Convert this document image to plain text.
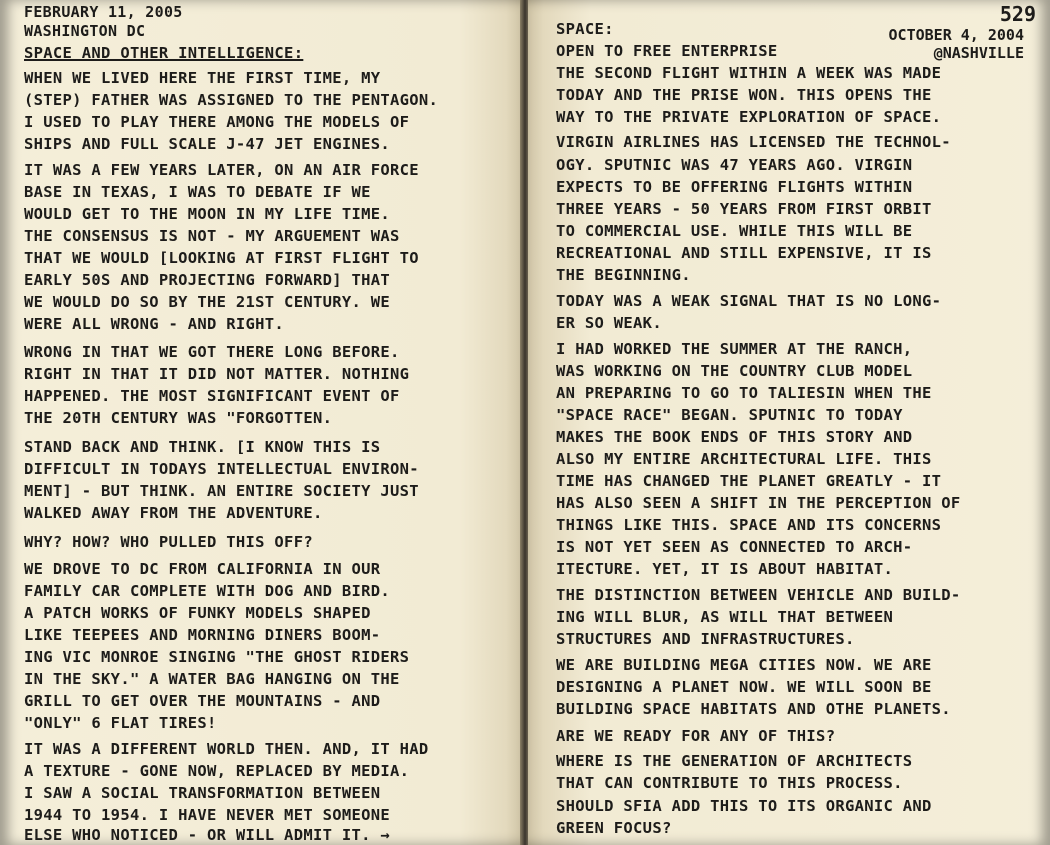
FEBRUARY 11, 2005
WASHINGTON DC
SPACE AND OTHER INTELLIGENCE:
WHEN WE LIVED HERE THE FIRST TIME, MY
(STEP) FATHER WAS ASSIGNED TO THE PENTAGON.
I USED TO PLAY THERE AMONG THE MODELS OF
SHIPS AND FULL SCALE J-47 JET ENGINES.
IT WAS A FEW YEARS LATER, ON AN AIR FORCE
BASE IN TEXAS, I WAS TO DEBATE IF WE
WOULD GET TO THE MOON IN MY LIFE TIME.
THE CONSENSUS IS NOT - MY ARGUEMENT WAS
THAT WE WOULD [LOOKING AT FIRST FLIGHT TO
EARLY 50S AND PROJECTING FORWARD] THAT
WE WOULD DO SO BY THE 21ST CENTURY. WE
WERE ALL WRONG - AND RIGHT.
WRONG IN THAT WE GOT THERE LONG BEFORE.
RIGHT IN THAT IT DID NOT MATTER. NOTHING
HAPPENED. THE MOST SIGNIFICANT EVENT OF
THE 20TH CENTURY WAS "FORGOTTEN.
STAND BACK AND THINK. [I KNOW THIS IS
DIFFICULT IN TODAYS INTELLECTUAL ENVIRON-
MENT] - BUT THINK. AN ENTIRE SOCIETY JUST
WALKED AWAY FROM THE ADVENTURE.
WHY? HOW? WHO PULLED THIS OFF?
WE DROVE TO DC FROM CALIFORNIA IN OUR
FAMILY CAR COMPLETE WITH DOG AND BIRD.
A PATCH WORKS OF FUNKY MODELS SHAPED
LIKE TEEPEES AND MORNING DINERS BOOM-
ING VIC MONROE SINGING "THE GHOST RIDERS
IN THE SKY." A WATER BAG HANGING ON THE
GRILL TO GET OVER THE MOUNTAINS - AND
"ONLY" 6 FLAT TIRES!
IT WAS A DIFFERENT WORLD THEN. AND, IT HAD
A TEXTURE - GONE NOW, REPLACED BY MEDIA.
I SAW A SOCIAL TRANSFORMATION BETWEEN
1944 TO 1954. I HAVE NEVER MET SOMEONE
ELSE WHO NOTICED - OR WILL ADMIT IT. →
529
OCTOBER 4, 2004
@NASHVILLE
SPACE:
OPEN TO FREE ENTERPRISE
THE SECOND FLIGHT WITHIN A WEEK WAS MADE
TODAY AND THE PRISE WON. THIS OPENS THE
WAY TO THE PRIVATE EXPLORATION OF SPACE.
VIRGIN AIRLINES HAS LICENSED THE TECHNOL-
OGY. SPUTNIC WAS 47 YEARS AGO. VIRGIN
EXPECTS TO BE OFFERING FLIGHTS WITHIN
THREE YEARS - 50 YEARS FROM FIRST ORBIT
TO COMMERCIAL USE. WHILE THIS WILL BE
RECREATIONAL AND STILL EXPENSIVE, IT IS
THE BEGINNING.
TODAY WAS A WEAK SIGNAL THAT IS NO LONG-
ER SO WEAK.
I HAD WORKED THE SUMMER AT THE RANCH,
WAS WORKING ON THE COUNTRY CLUB MODEL
AN PREPARING TO GO TO TALIESIN WHEN THE
"SPACE RACE" BEGAN. SPUTNIC TO TODAY
MAKES THE BOOK ENDS OF THIS STORY AND
ALSO MY ENTIRE ARCHITECTURAL LIFE. THIS
TIME HAS CHANGED THE PLANET GREATLY - IT
HAS ALSO SEEN A SHIFT IN THE PERCEPTION OF
THINGS LIKE THIS. SPACE AND ITS CONCERNS
IS NOT YET SEEN AS CONNECTED TO ARCH-
ITECTURE. YET, IT IS ABOUT HABITAT.
THE DISTINCTION BETWEEN VEHICLE AND BUILD-
ING WILL BLUR, AS WILL THAT BETWEEN
STRUCTURES AND INFRASTRUCTURES.
WE ARE BUILDING MEGA CITIES NOW. WE ARE
DESIGNING A PLANET NOW. WE WILL SOON BE
BUILDING SPACE HABITATS AND OTHE PLANETS.
ARE WE READY FOR ANY OF THIS?
WHERE IS THE GENERATION OF ARCHITECTS
THAT CAN CONTRIBUTE TO THIS PROCESS.
SHOULD SFIA ADD THIS TO ITS ORGANIC AND
GREEN FOCUS?
